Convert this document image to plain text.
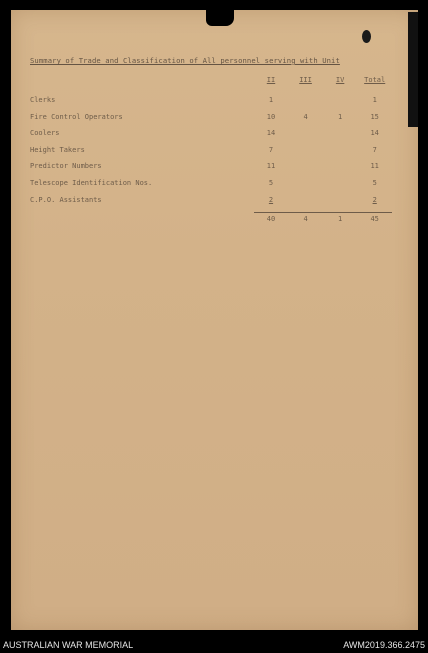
Summary of Trade and Classification of All personnel serving with Unit
	II	III	IV	Total
Clerks	1			1
Fire Control Operators	10	4	1	15
Coolers	14			14
Height Takers	7			7
Predictor Numbers	11			11
Telescope Identification Nos.	5			5
C.P.O. Assistants	2			2
	40	4	1	45
AUSTRALIAN WAR MEMORIAL	AWM2019.366.2475
